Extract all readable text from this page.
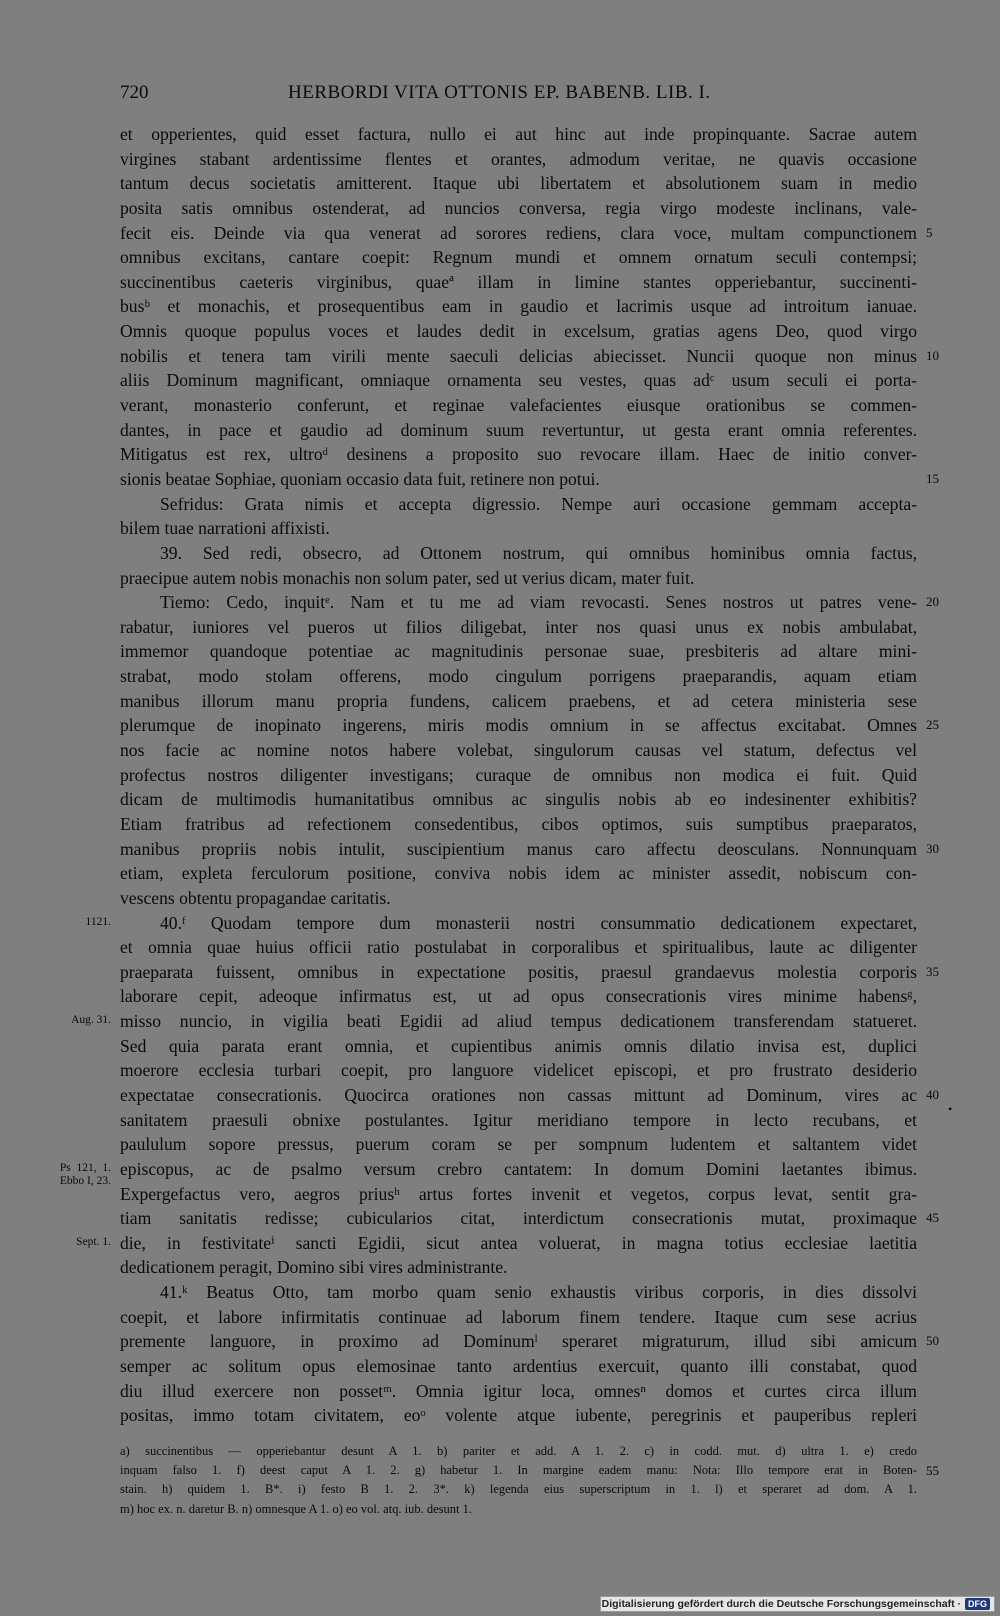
720	HERBORDI VITA OTTONIS EP. BABENB. LIB. I.
et opperientes, quid esset factura, nullo ei aut hinc aut inde propinquante. Sacrae autem
virgines stabant ardentissime flentes et orantes, admodum veritae, ne quavis occasione
tantum decus societatis amitterent. Itaque ubi libertatem et absolutionem suam in medio
posita satis omnibus ostenderat, ad nuncios conversa, regia virgo modeste inclinans, vale-
fecit eis. Deinde via qua venerat ad sorores rediens, clara voce, multam compunctionem 5
omnibus excitans, cantare coepit: Regnum mundi et omnem ornatum seculi contempsi;
succinentibus caeteris virginibus, quaeª illam in limine stantes opperiebantur, succinenti-
busᵇ et monachis, et prosequentibus eam in gaudio et lacrimis usque ad introitum ianuae.
Omnis quoque populus voces et laudes dedit in excelsum, gratias agens Deo, quod virgo
nobilis et tenera tam virili mente saeculi delicias abiecisset. Nuncii quoque non minus 10
aliis Dominum magnificant, omniaque ornamenta seu vestes, quas adᶜ usum seculi ei porta-
verant, monasterio conferunt, et reginae valefacientes eiusque orationibus se commen-
dantes, in pace et gaudio ad dominum suum revertuntur, ut gesta erant omnia referentes.
Mitigatus est rex, ultroᵈ desinens a proposito suo revocare illam. Haec de initio conver-
sionis beatae Sophiae, quoniam occasio data fuit, retinere non potui.	15
Sefridus: Grata nimis et accepta digressio. Nempe auri occasione gemmam accepta-
bilem tuae narrationi affixisti.
39. Sed redi, obsecro, ad Ottonem nostrum, qui omnibus hominibus omnia factus,
praecipue autem nobis monachis non solum pater, sed ut verius dicam, mater fuit.
Tiemo: Cedo, inquitᵉ. Nam et tu me ad viam revocasti. Senes nostros ut patres vene- 20
rabatur, iuniores vel pueros ut filios diligebat, inter nos quasi unus ex nobis ambulabat,
immemor quandoque potentiae ac magnitudinis personae suae, presbiteris ad altare mini-
strabat, modo stolam offerens, modo cingulum porrigens praeparandis, aquam etiam
manibus illorum manu propria fundens, calicem praebens, et ad cetera ministeria sese
plerumque de inopinato ingerens, miris modis omnium in se affectus excitabat. Omnes 25
nos facie ac nomine notos habere volebat, singulorum causas vel statum, defectus vel
profectus nostros diligenter investigans; curaque de omnibus non modica ei fuit. Quid
dicam de multimodis humanitatibus omnibus ac singulis nobis ab eo indesinenter exhibitis?
Etiam fratribus ad refectionem consedentibus, cibos optimos, suis sumptibus praeparatos,
manibus propriis nobis intulit, suscipientium manus caro affectu deosculans. Nonnunquam 30
etiam, expleta ferculorum positione, conviva nobis idem ac minister assedit, nobiscum con-
vescens obtentu propagandae caritatis.
40.ᶠ Quodam tempore dum monasterii nostri consummatio dedicationem expectaret,
1121.
et omnia quae huius officii ratio postulabat in corporalibus et spiritualibus, laute ac diligenter
praeparata fuissent, omnibus in expectatione positis, praesul grandaevus molestia corporis 35
laborare cepit, adeoque infirmatus est, ut ad opus consecrationis vires minime habensᵍ,
misso nuncio, in vigilia beati Egidii ad aliud tempus dedicationem transferendam statueret.
Aug. 31.
Sed quia parata erant omnia, et cupientibus animis omnis dilatio invisa est, duplici
moerore ecclesia turbari coepit, pro languore videlicet episcopi, et pro frustrato desiderio
expectatae consecrationis. Quocirca orationes non cassas mittunt ad Dominum, vires ac 40
sanitatem praesuli obnixe postulantes. Igitur meridiano tempore in lecto recubans, et
paululum sopore pressus, puerum coram se per sompnum ludentem et saltantem videt
episcopus, ac de psalmo versum crebro cantatem: In domum Domini laetantes ibimus.
Ps 121, 1.
Ebbo I, 23.
Expergefactus vero, aegros priusʰ artus fortes invenit et vegetos, corpus levat, sentit gra-
tiam sanitatis redisse; cubicularios citat, interdictum consecrationis mutat, proximaque 45
die, in festivitateⁱ sancti Egidii, sicut antea voluerat, in magna totius ecclesiae laetitia
Sept. 1.
dedicationem peragit, Domino sibi vires administrante.
41.ᵏ Beatus Otto, tam morbo quam senio exhaustis viribus corporis, in dies dissolvi
coepit, et labore infirmitatis continuae ad laborum finem tendere. Itaque cum sese acrius
premente languore, in proximo ad Dominumˡ speraret migraturum, illud sibi amicum 50
semper ac solitum opus elemosinae tanto ardentius exercuit, quanto illi constabat, quod
diu illud exercere non possetᵐ. Omnia igitur loca, omnesⁿ domos et curtes circa illum
positas, immo totam civitatem, eoᵒ volente atque iubente, peregrinis et pauperibus repleri
a) succinentibus — opperiebantur desunt A 1. b) pariter et add. A 1. 2. c) in codd. mut. d) ultra 1. e) credo
inquam falso 1. f) deest caput A 1. 2. g) habetur 1. In margine eadem manu: Nota: Illo tempore erat in Boten- 55
stain. h) quidem 1. B*. i) festo B 1. 2. 3*. k) legenda eius superscriptum in 1. l) et speraret ad dom. A 1.
m) hoc ex. n. daretur B. n) omnesque A 1. o) eo vol. atq. iub. desunt 1.
•
Digitalisierung gefördert durch die Deutsche Forschungsgemeinschaft · DFG
